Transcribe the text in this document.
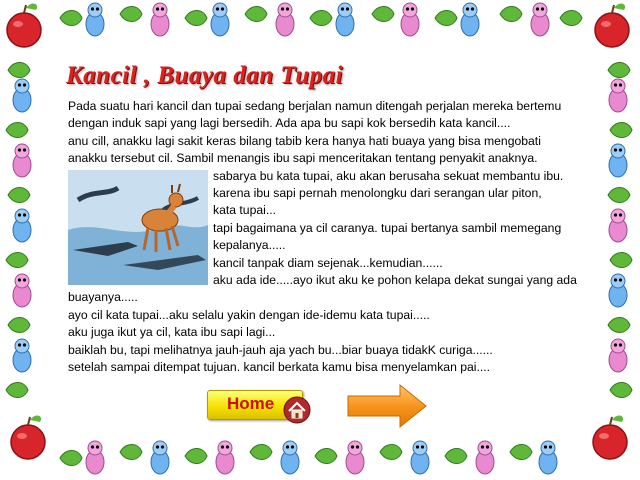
Kancil , Buaya dan Tupai

Pada suatu hari kancil dan tupai sedang berjalan namun ditengah perjalan mereka bertemu

dengan induk sapi yang lagi bersedih. Ada apa bu sapi kok bersedih kata kancil....

anu cill, anakku lagi sakit keras bilang tabib kera hanya hati buaya yang bisa mengobati

anakku tersebut cil. Sambil menangis ibu sapi menceritakan tentang penyakit anaknya.

sabarya bu kata tupai, aku akan berusaha sekuat membantu ibu.

karena ibu sapi pernah menolongku dari serangan ular piton,

kata tupai...

tapi bagaimana ya cil caranya. tupai bertanya sambil memegang

kepalanya.....

kancil tanpak diam sejenak...kemudian......

aku ada ide.....ayo ikut aku ke pohon kelapa dekat sungai yang ada

buayanya.....

ayo cil kata tupai...aku selalu yakin dengan ide-idemu kata tupai.....

aku juga ikut ya cil, kata ibu sapi lagi...

baiklah bu, tapi melihatnya jauh-jauh aja yach bu...biar buaya tidakK curiga......

setelah sampai ditempat tujuan. kancil berkata kamu bisa menyelamkan pai....

Home
